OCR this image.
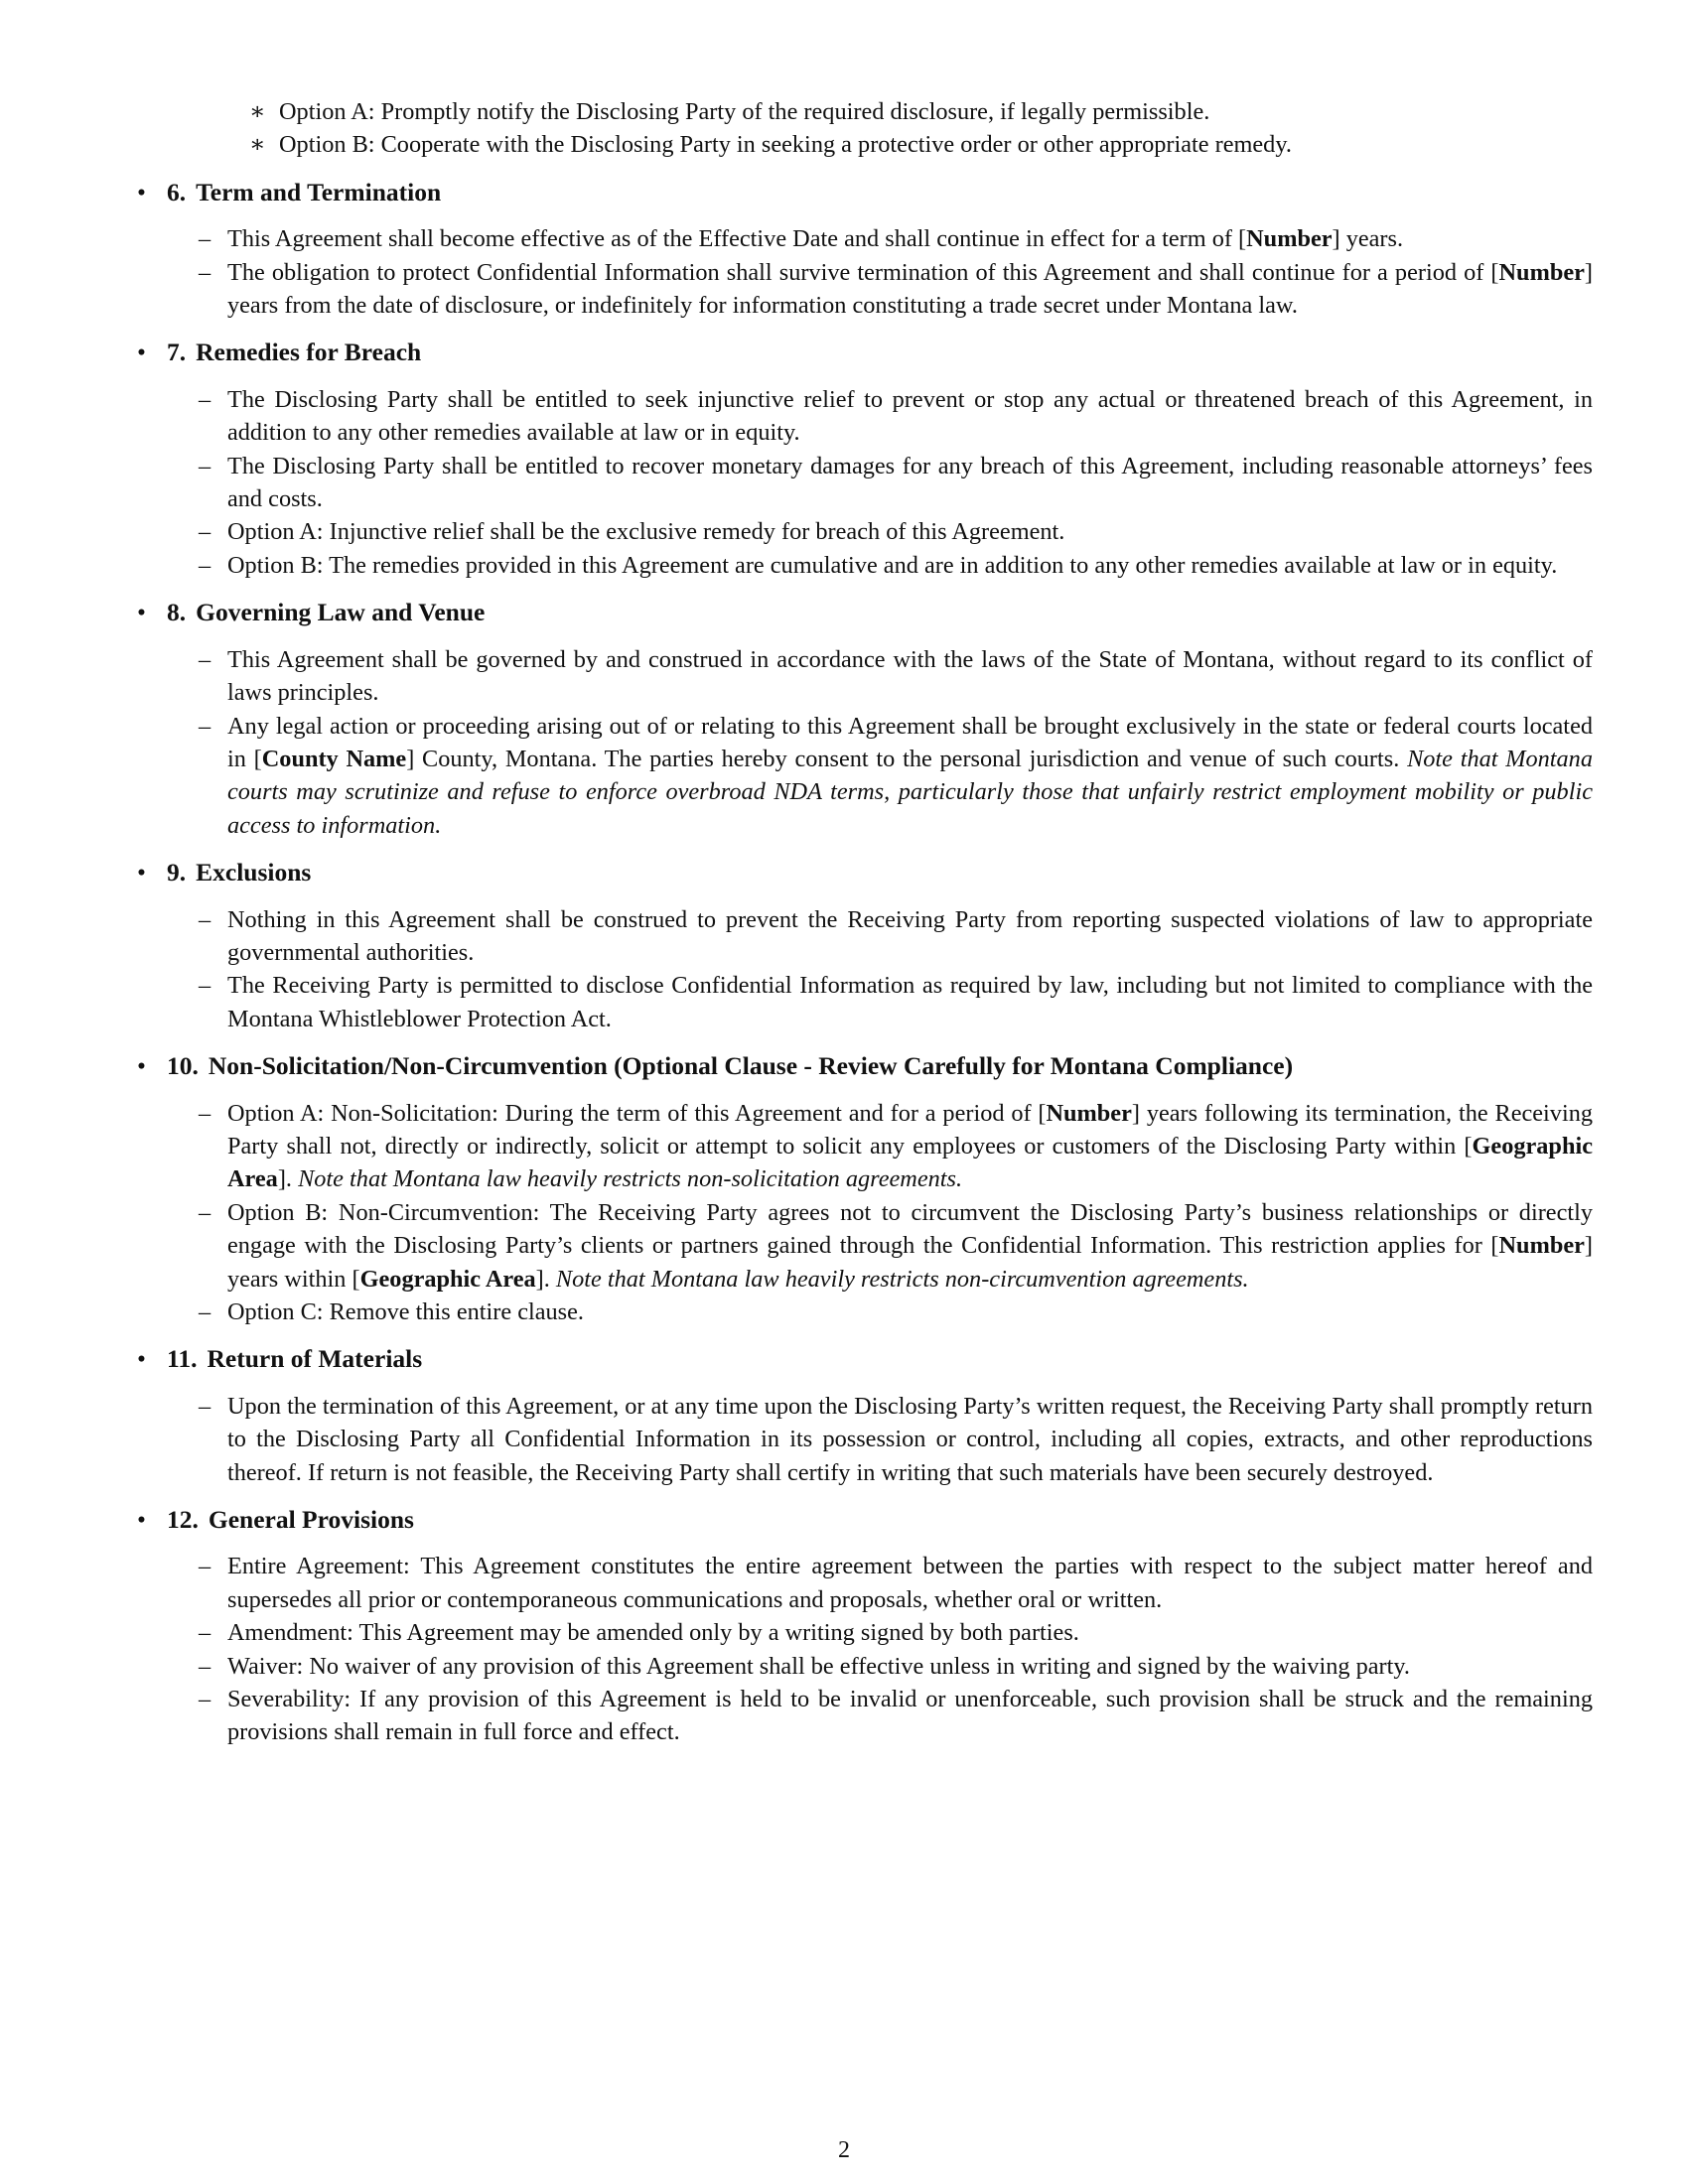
∗ Option A: Promptly notify the Disclosing Party of the required disclosure, if legally permissible.
∗ Option B: Cooperate with the Disclosing Party in seeking a protective order or other appropriate remedy.
• 6. Term and Termination
– This Agreement shall become effective as of the Effective Date and shall continue in effect for a term of [Number] years.
– The obligation to protect Confidential Information shall survive termination of this Agreement and shall continue for a period of [Number] years from the date of disclosure, or indefinitely for information constituting a trade secret under Montana law.
• 7. Remedies for Breach
– The Disclosing Party shall be entitled to seek injunctive relief to prevent or stop any actual or threatened breach of this Agreement, in addition to any other remedies available at law or in equity.
– The Disclosing Party shall be entitled to recover monetary damages for any breach of this Agreement, including reasonable attorneys’ fees and costs.
– Option A: Injunctive relief shall be the exclusive remedy for breach of this Agreement.
– Option B: The remedies provided in this Agreement are cumulative and are in addition to any other remedies available at law or in equity.
• 8. Governing Law and Venue
– This Agreement shall be governed by and construed in accordance with the laws of the State of Montana, without regard to its conflict of laws principles.
– Any legal action or proceeding arising out of or relating to this Agreement shall be brought exclusively in the state or federal courts located in [County Name] County, Montana. The parties hereby consent to the personal jurisdiction and venue of such courts. Note that Montana courts may scrutinize and refuse to enforce overbroad NDA terms, particularly those that unfairly restrict employment mobility or public access to information.
• 9. Exclusions
– Nothing in this Agreement shall be construed to prevent the Receiving Party from reporting suspected violations of law to appropriate governmental authorities.
– The Receiving Party is permitted to disclose Confidential Information as required by law, including but not limited to compliance with the Montana Whistleblower Protection Act.
• 10. Non-Solicitation/Non-Circumvention (Optional Clause - Review Carefully for Montana Compliance)
– Option A: Non-Solicitation: During the term of this Agreement and for a period of [Number] years following its termination, the Receiving Party shall not, directly or indirectly, solicit or attempt to solicit any employees or customers of the Disclosing Party within [Geographic Area]. Note that Montana law heavily restricts non-solicitation agreements.
– Option B: Non-Circumvention: The Receiving Party agrees not to circumvent the Disclosing Party’s business relationships or directly engage with the Disclosing Party’s clients or partners gained through the Confidential Information. This restriction applies for [Number] years within [Geographic Area]. Note that Montana law heavily restricts non-circumvention agreements.
– Option C: Remove this entire clause.
• 11. Return of Materials
– Upon the termination of this Agreement, or at any time upon the Disclosing Party’s written request, the Receiving Party shall promptly return to the Disclosing Party all Confidential Information in its possession or control, including all copies, extracts, and other reproductions thereof. If return is not feasible, the Receiving Party shall certify in writing that such materials have been securely destroyed.
• 12. General Provisions
– Entire Agreement: This Agreement constitutes the entire agreement between the parties with respect to the subject matter hereof and supersedes all prior or contemporaneous communications and proposals, whether oral or written.
– Amendment: This Agreement may be amended only by a writing signed by both parties.
– Waiver: No waiver of any provision of this Agreement shall be effective unless in writing and signed by the waiving party.
– Severability: If any provision of this Agreement is held to be invalid or unenforceable, such provision shall be struck and the remaining provisions shall remain in full force and effect.
2
